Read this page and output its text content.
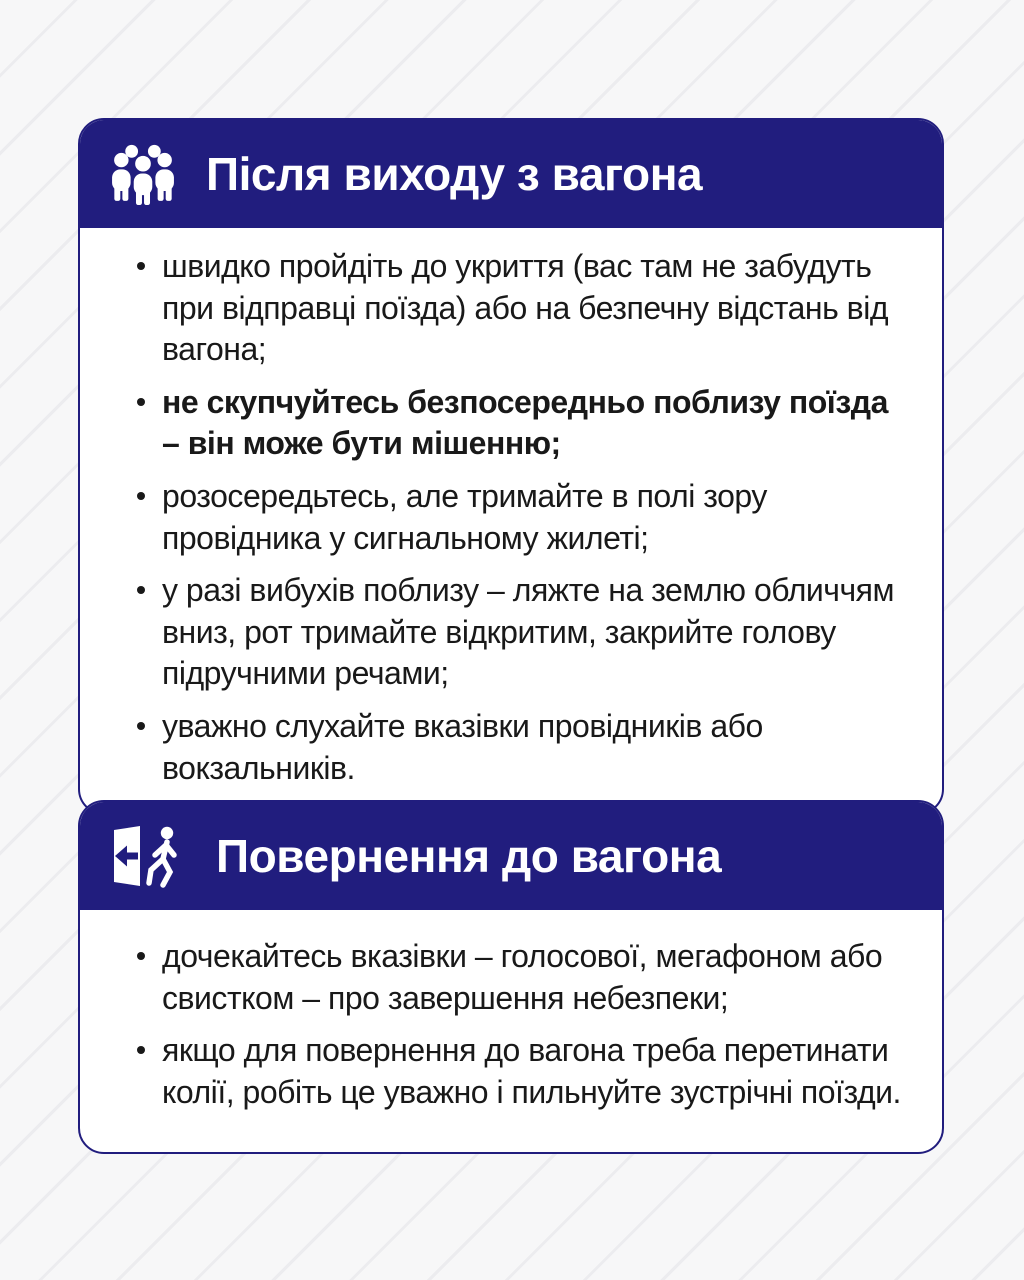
Після виходу з вагона
швидко пройдіть до укриття (вас там не забудуть при відправці поїзда) або на безпечну відстань від вагона;
не скупчуйтесь безпосередньо поблизу поїзда – він може бути мішенню;
розосередьтесь, але тримайте в полі зору провідника у сигнальному жилеті;
у разі вибухів поблизу – ляжте на землю обличчям вниз, рот тримайте відкритим, закрийте голову підручними речами;
уважно слухайте вказівки провідників або вокзальників.
Повернення до вагона
дочекайтесь вказівки – голосової, мегафоном або свистком – про завершення небезпеки;
якщо для повернення до вагона треба перетинати колії, робіть це уважно і пильнуйте зустрічні поїзди.
